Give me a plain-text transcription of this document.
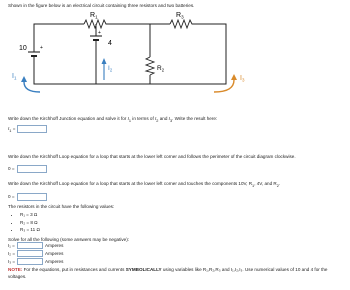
Shown in the figure below is an electrical circuit containing three resistors and two batteries.
$R_1$	$R_3$
$R_2$
10
4
+
+
$I_1$
$I_2$
$I_3$
Write down the Kirchhoff Junction equation and solve it for $I_1$ in terms of $I_2$ and $I_3$. Write the result here:
$I_1$ =
Write down the Kirchhoff Loop equation for a loop that starts at the lower left corner and follows the perimeter of the circuit diagram clockwise.
0 =
Write down the Kirchhoff Loop equation for a loop that starts at the lower left corner and touches the components 10V, $R_1$, 4V, and $R_2$.
0 =
The resistors in the circuit have the following values:
• R₁ = 3 Ω
• R₂ = 8 Ω
• R₃ = 11 Ω
Solve for all the following (some answers may be negative):
I₁ =	Amperes
I₂ =	Amperes
I₃ =	Amperes
NOTE: For the equations, put in resistances and currents SYMBOLICALLY using variables like R₁,R₂,R₃ and I₁,I₂,I₃. Use numerical values of 10 and 4 for the
voltages.
